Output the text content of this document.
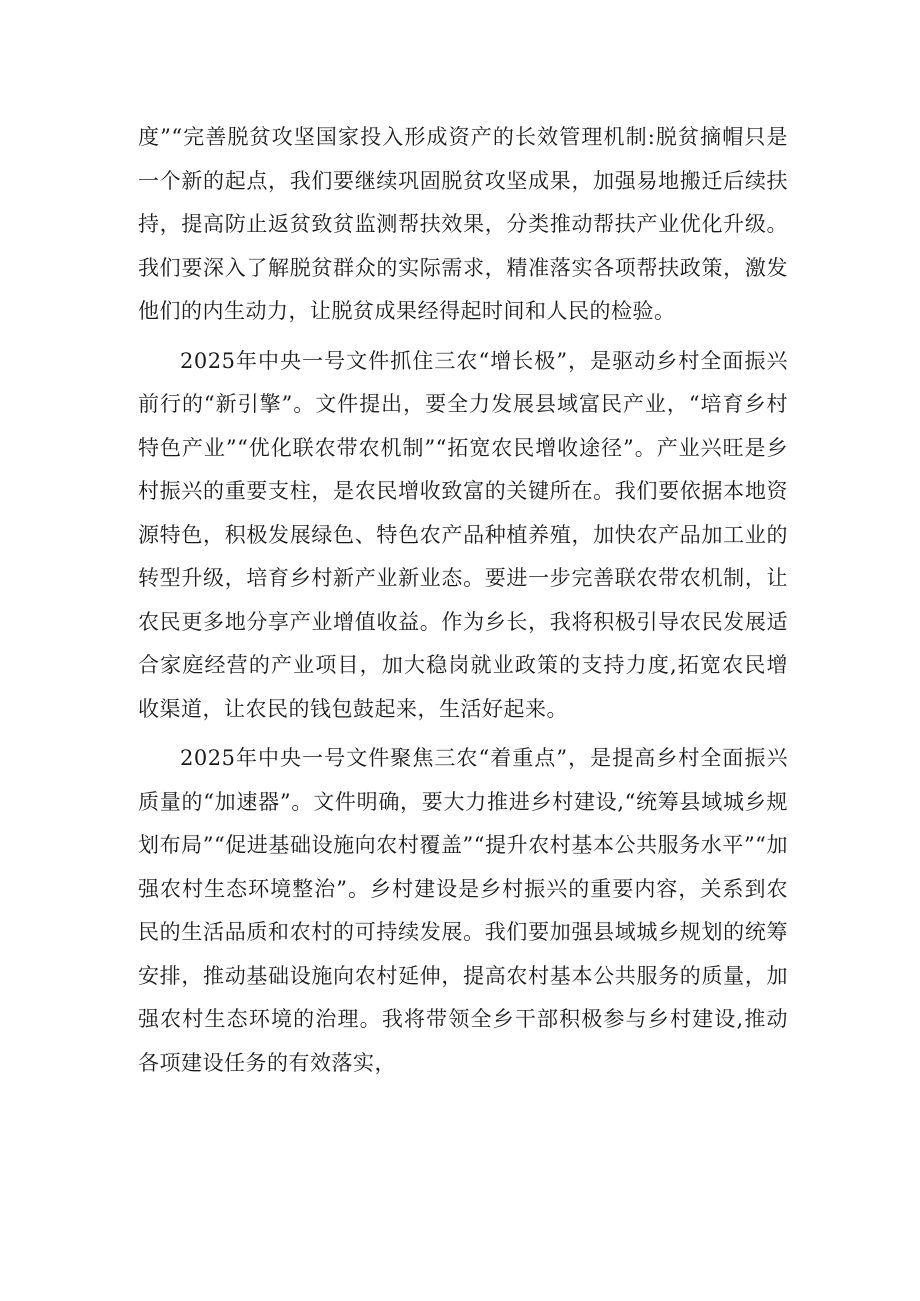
度”“完善脱贫攻坚国家投入形成资产的长效管理机制:脱贫摘帽只是一个新的起点，我们要继续巩固脱贫攻坚成果，加强易地搬迁后续扶持，提高防止返贫致贫监测帮扶效果，分类推动帮扶产业优化升级。我们要深入了解脱贫群众的实际需求，精准落实各项帮扶政策，激发他们的内生动力，让脱贫成果经得起时间和人民的检验。

2025年中央一号文件抓住三农“增长极”，是驱动乡村全面振兴前行的“新引擎”。文件提出，要全力发展县域富民产业，“培育乡村特色产业”“优化联农带农机制”“拓宽农民增收途径”。产业兴旺是乡村振兴的重要支柱，是农民增收致富的关键所在。我们要依据本地资源特色，积极发展绿色、特色农产品种植养殖，加快农产品加工业的转型升级，培育乡村新产业新业态。要进一步完善联农带农机制，让农民更多地分享产业增值收益。作为乡长，我将积极引导农民发展适合家庭经营的产业项目，加大稳岗就业政策的支持力度,拓宽农民增收渠道，让农民的钱包鼓起来，生活好起来。

2025年中央一号文件聚焦三农“着重点”，是提高乡村全面振兴质量的“加速器”。文件明确，要大力推进乡村建设,“统筹县域城乡规划布局”“促进基础设施向农村覆盖”“提升农村基本公共服务水平”“加强农村生态环境整治”。乡村建设是乡村振兴的重要内容，关系到农民的生活品质和农村的可持续发展。我们要加强县域城乡规划的统筹安排，推动基础设施向农村延伸，提高农村基本公共服务的质量，加强农村生态环境的治理。我将带领全乡干部积极参与乡村建设,推动各项建设任务的有效落实，
